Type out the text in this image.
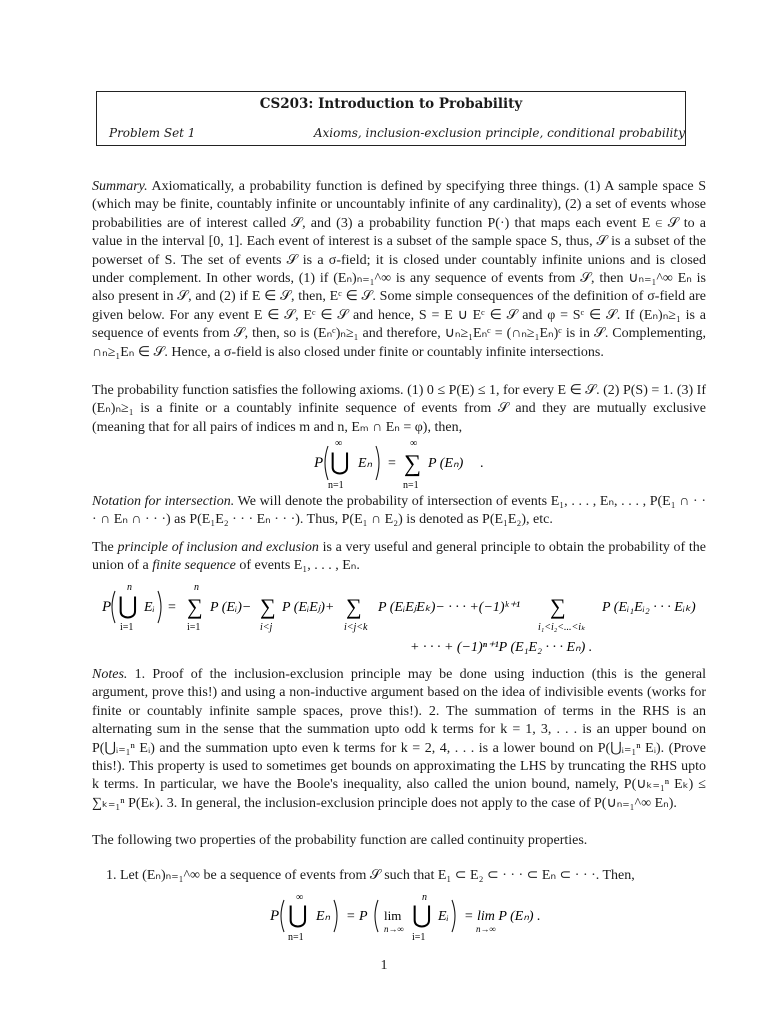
CS203: Introduction to Probability
Problem Set 1	Axioms, inclusion-exclusion principle, conditional probability

Summary. Axiomatically, a probability function is defined by specifying three things. (1) A sample space S (which may be finite, countably infinite or uncountably infinite of any cardinality), (2) a set of events whose probabilities are of interest called 𝒮, and (3) a probability function P(·) that maps each event E ∈ 𝒮 to a value in the interval [0, 1]. Each event of interest is a subset of the sample space S, thus, 𝒮 is a subset of the powerset of S. The set of events 𝒮 is a σ-field; it is closed under countably infinite unions and is closed under complement. In other words, (1) if (Eₙ)ₙ₌₁^∞ is any sequence of events from 𝒮, then ∪ₙ₌₁^∞ Eₙ is also present in 𝒮, and (2) if E ∈ 𝒮, then, Eᶜ ∈ 𝒮. Some simple consequences of the definition of σ-field are given below. For any event E ∈ 𝒮, Eᶜ ∈ 𝒮 and hence, S = E ∪ Eᶜ ∈ 𝒮 and φ = Sᶜ ∈ 𝒮. If (Eₙ)ₙ≥₁ is a sequence of events from 𝒮, then, so is (Eₙᶜ)ₙ≥₁ and therefore, ∪ₙ≥₁Eₙᶜ = (∩ₙ≥₁Eₙ)ᶜ is in 𝒮. Complementing, ∩ₙ≥₁Eₙ ∈ 𝒮. Hence, a σ-field is also closed under finite or countably infinite intersections.

The probability function satisfies the following axioms. (1) 0 ≤ P(E) ≤ 1, for every E ∈ 𝒮. (2) P(S) = 1. (3) If (Eₙ)ₙ≥₁ is a finite or a countably infinite sequence of events from 𝒮 and they are mutually exclusive (meaning that for all pairs of indices m and n, Eₘ ∩ Eₙ = φ), then,

P
∞
⋃
n=1
Eₙ =
∞
∑
n=1
P (Eₙ) .

Notation for intersection. We will denote the probability of intersection of events E₁, . . . , Eₙ, . . . , P(E₁ ∩ · · · ∩ Eₙ ∩ · · ·) as P(E₁E₂ · · · Eₙ · · ·). Thus, P(E₁ ∩ E₂) is denoted as P(E₁E₂), etc.

The principle of inclusion and exclusion is a very useful and general principle to obtain the probability of the union of a finite sequence of events E₁, . . . , Eₙ.

P
n
⋃
i=1
Eᵢ =
n
∑
i=1
P (Eᵢ)− ∑
i<j
P (EᵢEⱼ)+ ∑
i<j<k
P (EᵢEⱼEₖ)− · · · +(−1)ᵏ⁺¹ ∑
i₁<i₂<...<iₖ
P (Eᵢ₁Eᵢ₂ · · · Eᵢₖ)
+ · · · + (−1)ⁿ⁺¹P (E₁E₂ · · · Eₙ) .

Notes. 1. Proof of the inclusion-exclusion principle may be done using induction (this is the general argument, prove this!) and using a non-inductive argument based on the idea of indivisible events (works for finite or countably infinite sample spaces, prove this!). 2. The summation of terms in the RHS is an alternating sum in the sense that the summation upto odd k terms for k = 1, 3, . . . is an upper bound on P(⋃ᵢ₌₁ⁿ Eᵢ) and the summation upto even k terms for k = 2, 4, . . . is a lower bound on P(⋃ᵢ₌₁ⁿ Eᵢ). (Prove this!). This property is used to sometimes get bounds on approximating the LHS by truncating the RHS upto k terms. In particular, we have the Boole's inequality, also called the union bound, namely, P(∪ₖ₌₁ⁿ Eₖ) ≤ ∑ₖ₌₁ⁿ P(Eₖ). 3. In general, the inclusion-exclusion principle does not apply to the case of P(∪ₙ₌₁^∞ Eₙ).

The following two properties of the probability function are called continuity properties.

1. Let (Eₙ)ₙ₌₁^∞ be a sequence of events from 𝒮 such that E₁ ⊂ E₂ ⊂ · · · ⊂ Eₙ ⊂ · · ·. Then,

P
∞
⋃
n=1
Eₙ = P lim
n→∞
n
⋃
i=1
Eᵢ = lim P (Eₙ) .
n→∞
1
